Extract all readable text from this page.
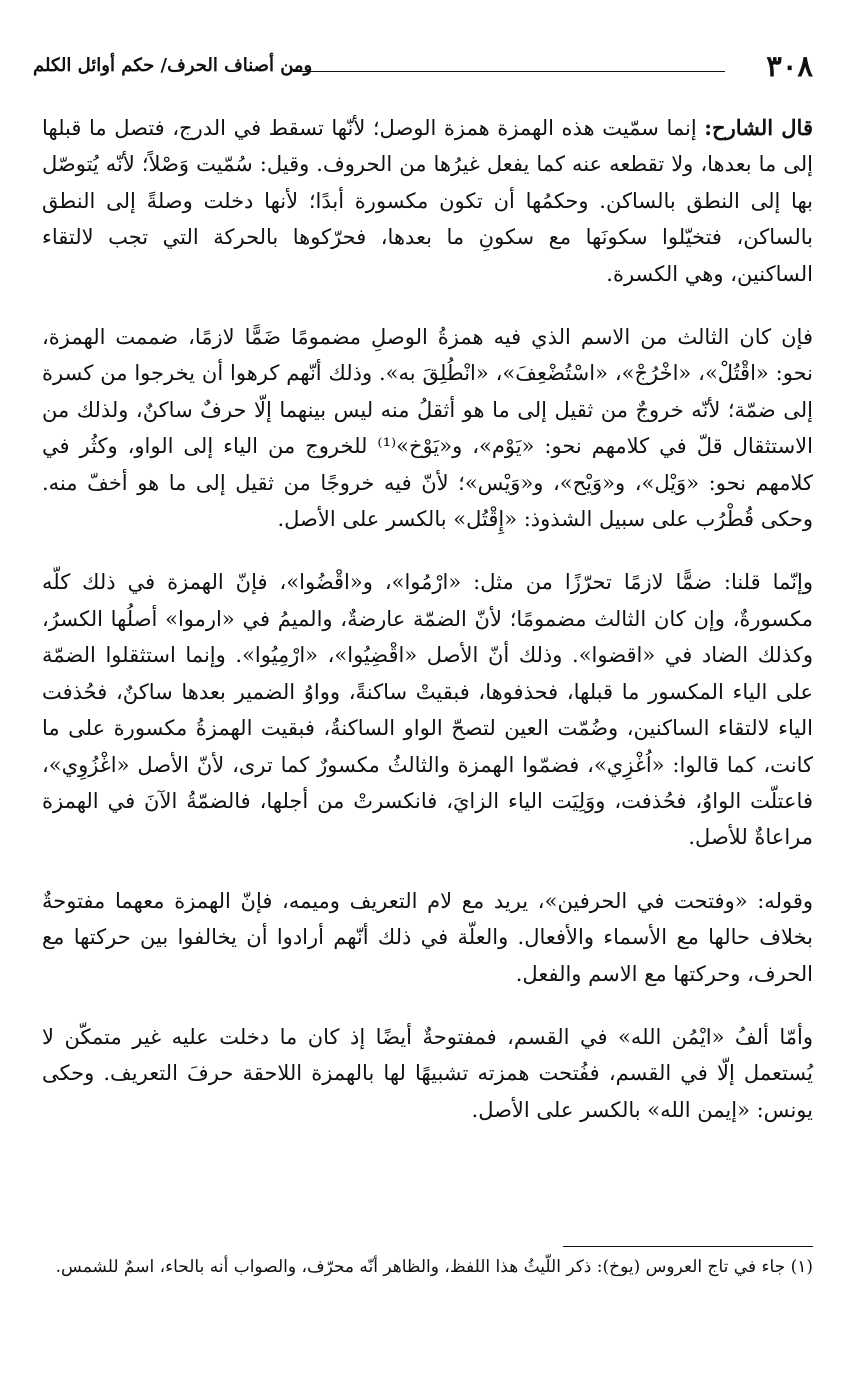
٣٠٨
ومن أصناف الحرف/ حكم أوائل الكلم

قال الشارح: إنما سمّيت هذه الهمزة همزة الوصل؛ لأنّها تسقط في الدرج، فتصل ما قبلها إلى ما بعدها، ولا تقطعه عنه كما يفعل غيرُها من الحروف. وقيل: سُمّيت وَصْلاً؛ لأنّه يُتوصّل بها إلى النطق بالساكن. وحكمُها أن تكون مكسورة أبدًا؛ لأنها دخلت وصلةً إلى النطق بالساكن، فتخيّلوا سكونَها مع سكونِ ما بعدها، فحرّكوها بالحركة التي تجب لالتقاء الساكنين، وهي الكسرة.

فإن كان الثالث من الاسم الذي فيه همزةُ الوصلِ مضمومًا ضَمًّا لازمًا، ضممت الهمزة، نحو: «اقْتُلْ»، «اخْرُجْ»، «اسْتُضْعِفَ»، «انْطُلِقَ به». وذلك أنّهم كرهوا أن يخرجوا من كسرة إلى ضمّة؛ لأنّه خروجٌ من ثقيل إلى ما هو أثقلُ منه ليس بينهما إلّا حرفٌ ساكنٌ، ولذلك من الاستثقال قلّ في كلامهم نحو: «يَوْم»، و«يَوْخ»⁽¹⁾ للخروج من الياء إلى الواو، وكثُر في كلامهم نحو: «وَيْل»، و«وَيْح»، و«وَيْس»؛ لأنّ فيه خروجًا من ثقيل إلى ما هو أخفّ منه. وحكى قُطْرُب على سبيل الشذوذ: «إِقْتُل» بالكسر على الأصل.

وإنّما قلنا: ضمًّا لازمًا تحرّزًا من مثل: «ارْمُوا»، و«اقْضُوا»، فإنّ الهمزة في ذلك كلّه مكسورةٌ، وإن كان الثالث مضمومًا؛ لأنّ الضمّة عارضةٌ، والميمُ في «ارموا» أصلُها الكسرُ، وكذلك الضاد في «اقضوا». وذلك أنّ الأصل «اقْضِيُوا»، «ارْمِيُوا». وإنما استثقلوا الضمّة على الياء المكسور ما قبلها، فحذفوها، فبقيتْ ساكنةً، وواوُ الضمير بعدها ساكنٌ، فحُذفت الياء لالتقاء الساكنين، وضُمّت العين لتصحّ الواو الساكنةُ، فبقيت الهمزةُ مكسورة على ما كانت، كما قالوا: «اُغْزِي»، فضمّوا الهمزة والثالثُ مكسورٌ كما ترى، لأنّ الأصل «اغْزُوِي»، فاعتلّت الواوُ، فحُذفت، ووَلِيَت الياء الزايَ، فانكسرتْ من أجلها، فالضمّةُ الآنَ في الهمزة مراعاةٌ للأصل.

وقوله: «وفتحت في الحرفين»، يريد مع لام التعريف وميمه، فإنّ الهمزة معهما مفتوحةٌ بخلاف حالها مع الأسماء والأفعال. والعلّة في ذلك أنّهم أرادوا أن يخالفوا بين حركتها مع الحرف، وحركتها مع الاسم والفعل.

وأمّا ألفُ «ايْمُن الله» في القسم، فمفتوحةٌ أيضًا إذ كان ما دخلت عليه غير متمكّن لا يُستعمل إلّا في القسم، ففُتحت همزته تشبيهًا لها بالهمزة اللاحقة حرفَ التعريف. وحكى يونس: «إيمن الله» بالكسر على الأصل.

(١) جاء في تاج العروس (يوخ): ذكر اللّيثُ هذا اللفظ، والظاهر أنّه محرّف، والصواب أنه بالحاء، اسمٌ للشمس.
